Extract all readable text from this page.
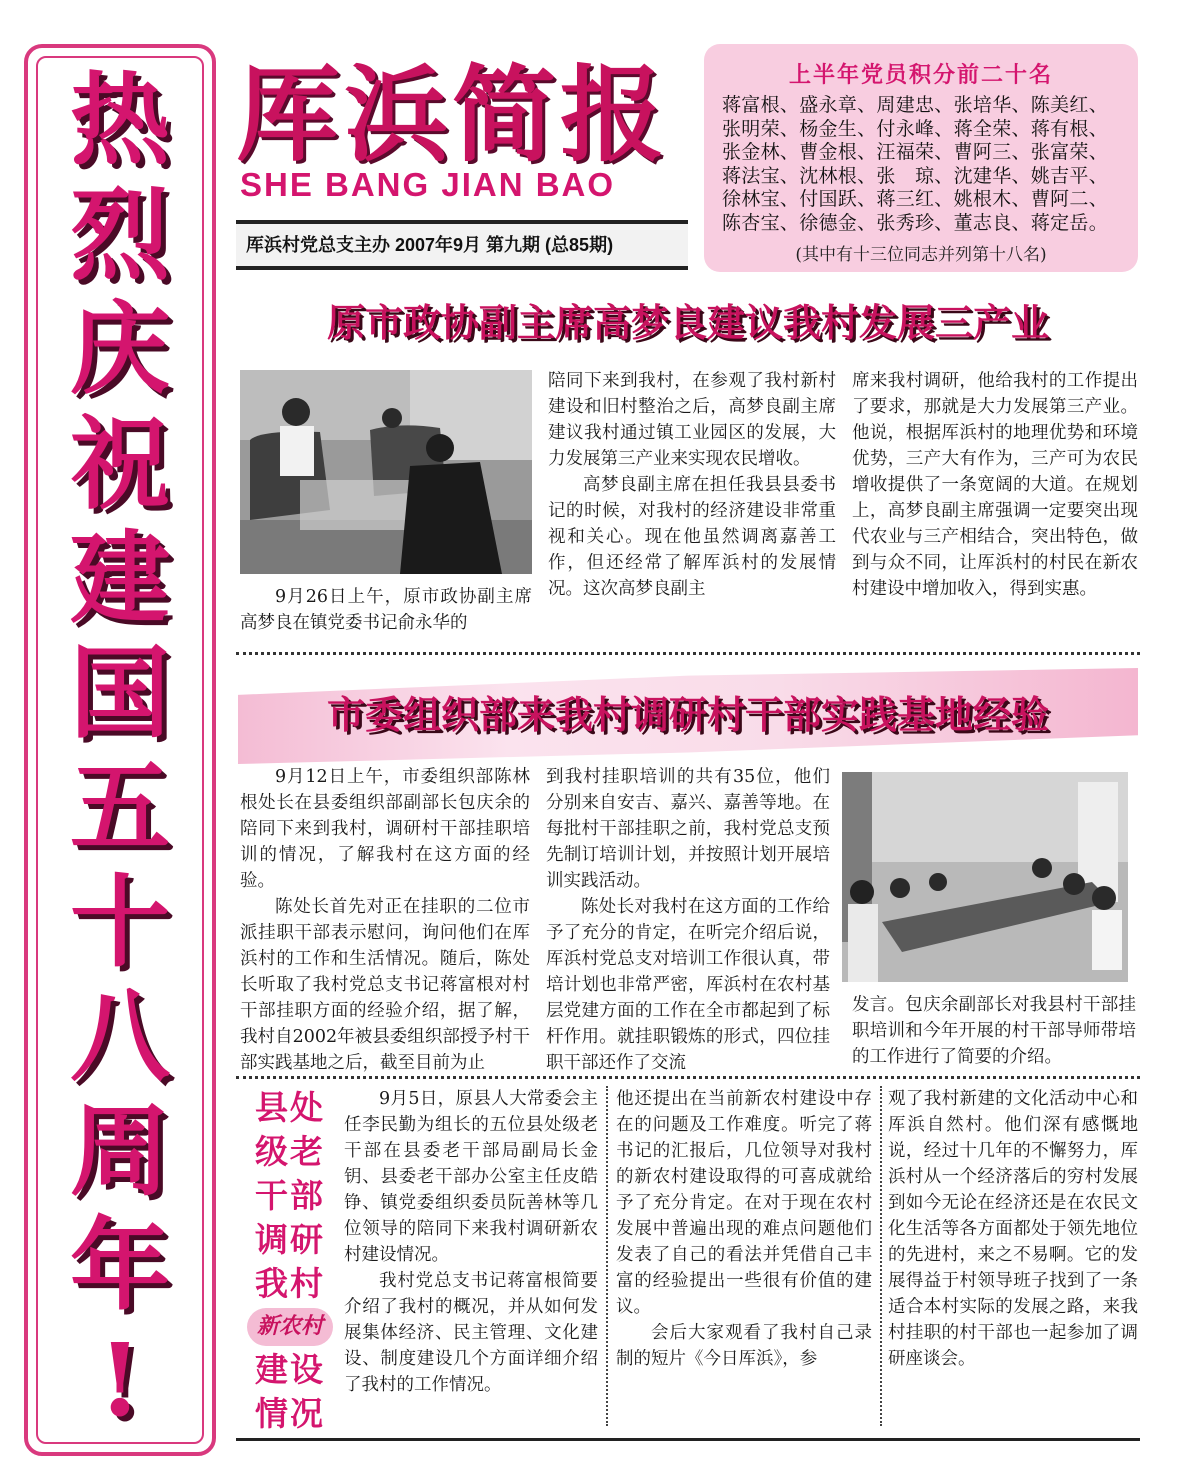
热
烈
庆
祝
建
国
五
十
八
周
年
!
厍浜简报
SHE BANG JIAN BAO
厍浜村党总支主办 2007年9月 第九期 (总85期)
上半年党员积分前二十名
蒋富根、盛永章、周建忠、张培华、陈美红、
张明荣、杨金生、付永峰、蒋全荣、蒋有根、
张金林、曹金根、汪福荣、曹阿三、张富荣、
蒋法宝、沈林根、张　琼、沈建华、姚吉平、
徐林宝、付国跃、蒋三红、姚根木、曹阿二、
陈杏宝、徐德金、张秀珍、董志良、蒋定岳。
(其中有十三位同志并列第十八名)
原市政协副主席高梦良建议我村发展三产业

9月26日上午，原市政协副主席高梦良在镇党委书记俞永华的

陪同下来到我村，在参观了我村新村建设和旧村整治之后，高梦良副主席建议我村通过镇工业园区的发展，大力发展第三产业来实现农民增收。

高梦良副主席在担任我县县委书记的时候，对我村的经济建设非常重视和关心。现在他虽然调离嘉善工作，但还经常了解厍浜村的发展情况。这次高梦良副主

席来我村调研，他给我村的工作提出了要求，那就是大力发展第三产业。他说，根据厍浜村的地理优势和环境优势，三产大有作为，三产可为农民增收提供了一条宽阔的大道。在规划上，高梦良副主席强调一定要突出现代农业与三产相结合，突出特色，做到与众不同，让厍浜村的村民在新农村建设中增加收入，得到实惠。

市委组织部来我村调研村干部实践基地经验

9月12日上午，市委组织部陈林根处长在县委组织部副部长包庆余的陪同下来到我村，调研村干部挂职培训的情况，了解我村在这方面的经验。

陈处长首先对正在挂职的二位市派挂职干部表示慰问，询问他们在厍浜村的工作和生活情况。随后，陈处长听取了我村党总支书记蒋富根对村干部挂职方面的经验介绍，据了解，我村自2002年被县委组织部授予村干部实践基地之后，截至目前为止

到我村挂职培训的共有35位，他们分别来自安吉、嘉兴、嘉善等地。在每批村干部挂职之前，我村党总支预先制订培训计划，并按照计划开展培训实践活动。

陈处长对我村在这方面的工作给予了充分的肯定，在听完介绍后说，厍浜村党总支对培训工作很认真，带培计划也非常严密，厍浜村在农村基层党建方面的工作在全市都起到了标杆作用。就挂职锻炼的形式，四位挂职干部还作了交流

发言。包庆余副部长对我县村干部挂职培训和今年开展的村干部导师带培的工作进行了简要的介绍。

县处
级老
干部
调研
我村
新农村
建设
情况

9月5日，原县人大常委会主任李民勤为组长的五位县处级老干部在县委老干部局副局长金钥、县委老干部办公室主任皮皓铮、镇党委组织委员阮善林等几位领导的陪同下来我村调研新农村建设情况。

我村党总支书记蒋富根简要介绍了我村的概况，并从如何发展集体经济、民主管理、文化建设、制度建设几个方面详细介绍了我村的工作情况。

他还提出在当前新农村建设中存在的问题及工作难度。听完了蒋书记的汇报后，几位领导对我村的新农村建设取得的可喜成就给予了充分肯定。在对于现在农村发展中普遍出现的难点问题他们发表了自己的看法并凭借自己丰富的经验提出一些很有价值的建议。

会后大家观看了我村自己录制的短片《今日厍浜》，参

观了我村新建的文化活动中心和厍浜自然村。他们深有感慨地说，经过十几年的不懈努力，厍浜村从一个经济落后的穷村发展到如今无论在经济还是在农民文化生活等各方面都处于领先地位的先进村，来之不易啊。它的发展得益于村领导班子找到了一条适合本村实际的发展之路，来我村挂职的村干部也一起参加了调研座谈会。
